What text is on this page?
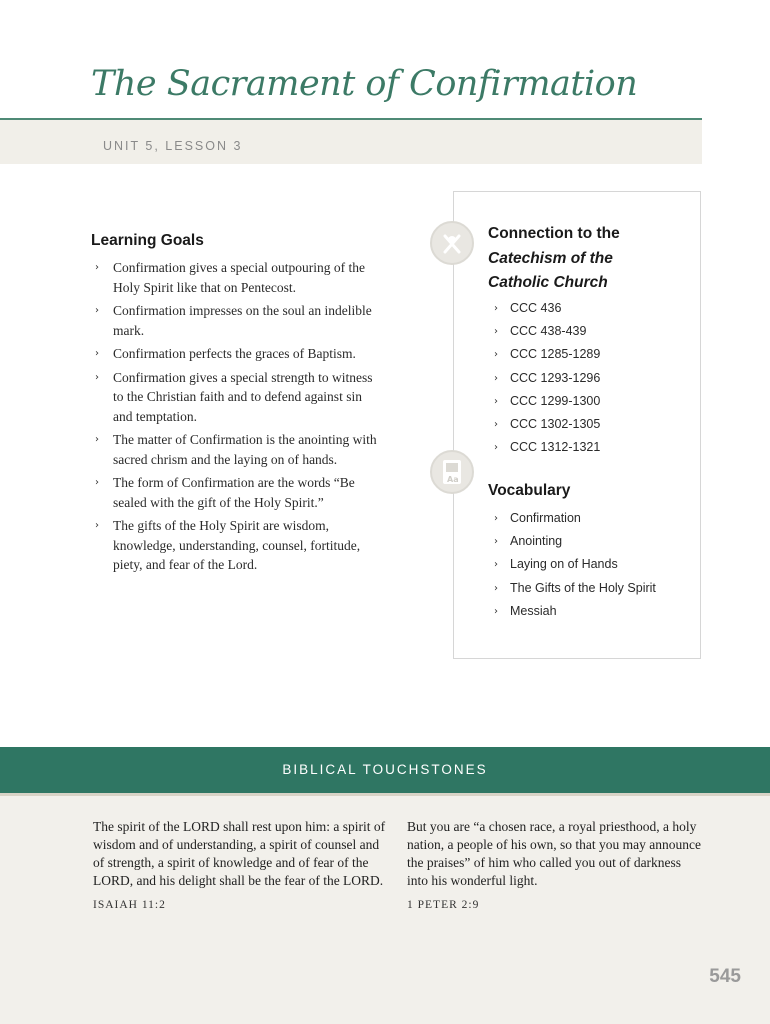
The Sacrament of Confirmation
UNIT 5, LESSON 3
Learning Goals
› Confirmation gives a special outpouring of the Holy Spirit like that on Pentecost.
› Confirmation impresses on the soul an indelible mark.
› Confirmation perfects the graces of Baptism.
› Confirmation gives a special strength to witness to the Christian faith and to defend against sin and temptation.
› The matter of Confirmation is the anointing with sacred chrism and the laying on of hands.
› The form of Confirmation are the words “Be sealed with the gift of the Holy Spirit.”
› The gifts of the Holy Spirit are wisdom, knowledge, understanding, counsel, fortitude, piety, and fear of the Lord.
Connection to the
Catechism of the
Catholic Church
› CCC 436
› CCC 438-439
› CCC 1285-1289
› CCC 1293-1296
› CCC 1299-1300
› CCC 1302-1305
› CCC 1312-1321
Aa
Vocabulary
› Confirmation
› Anointing
› Laying on of Hands
› The Gifts of the Holy Spirit
› Messiah
BIBLICAL TOUCHSTONES

The spirit of the LORD shall rest upon him: a spirit of wisdom and of understanding, a spirit of counsel and of strength, a spirit of knowledge and of fear of the LORD, and his delight shall be the fear of the LORD.

ISAIAH 11:2

But you are “a chosen race, a royal priesthood, a holy nation, a people of his own, so that you may announce the praises” of him who called you out of darkness into his wonderful light.

1 PETER 2:9
545
